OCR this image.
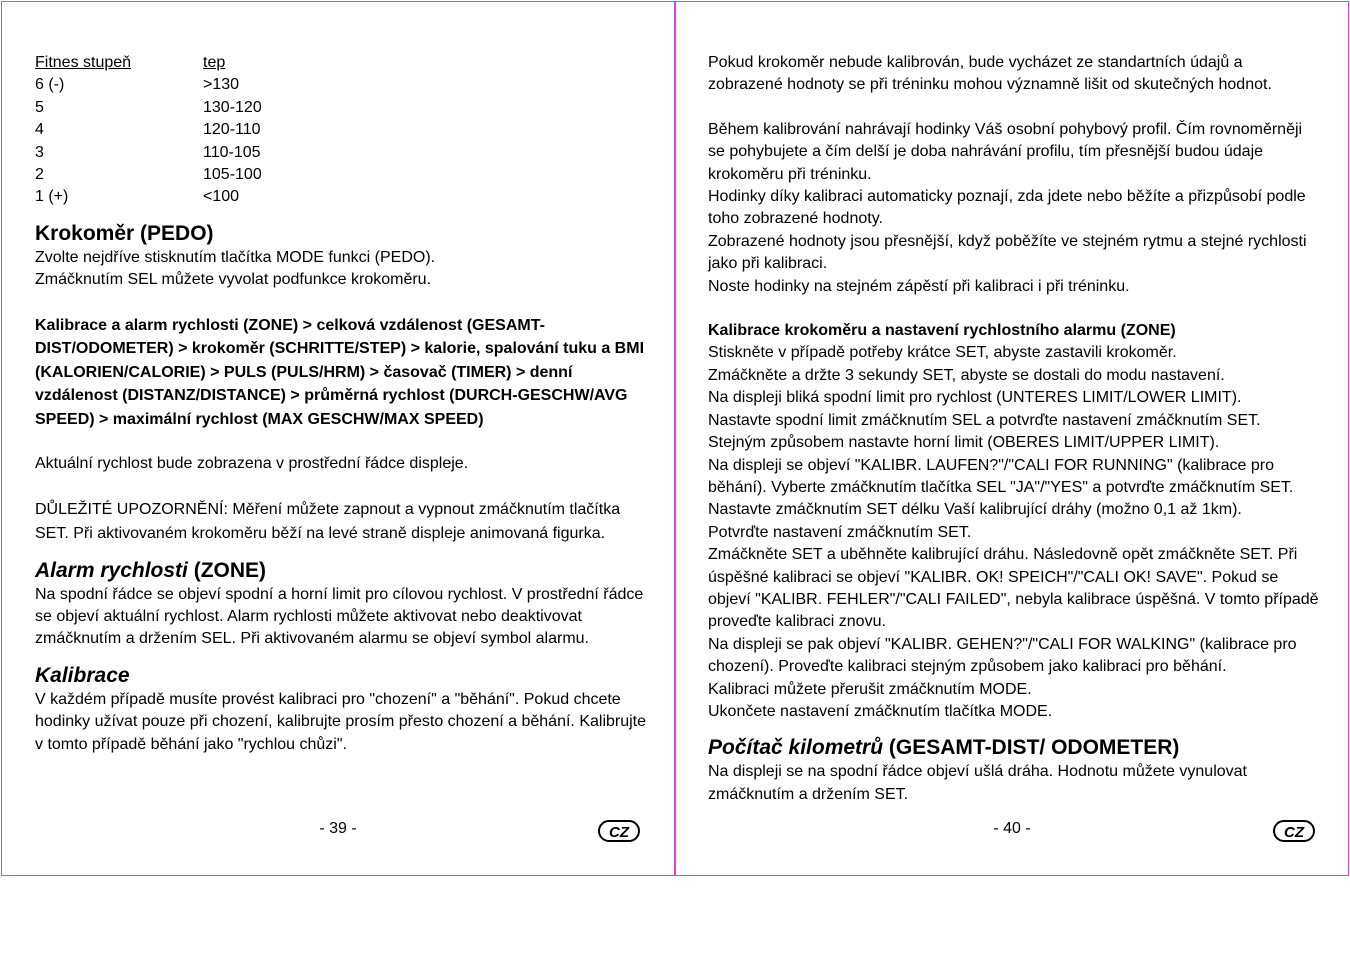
Fitnes stupeň	tep
6 (-)	>130
5	130-120
4	120-110
3	110-105
2	105-100
1 (+)	<100
Krokoměr (PEDO)

Zvolte nejdříve stisknutím tlačítka MODE funkci (PEDO).

Zmáčknutím SEL můžete vyvolat podfunkce krokoměru.

Kalibrace a alarm rychlosti (ZONE) > celková vzdálenost (GESAMT-DIST/ODOMETER) > krokoměr (SCHRITTE/STEP) > kalorie, spalování tuku a BMI (KALORIEN/CALORIE) > PULS (PULS/HRM) > časovač (TIMER) > denní vzdálenost (DISTANZ/DISTANCE) > průměrná rychlost (DURCH-GESCHW/AVG SPEED) > maximální rychlost (MAX GESCHW/MAX SPEED)

Aktuální rychlost bude zobrazena v prostřední řádce displeje.

DŮLEŽITÉ UPOZORNĚNÍ: Měření můžete zapnout a vypnout zmáčknutím tlačítka SET. Při aktivovaném krokoměru běží na levé straně displeje animovaná figurka.

Alarm rychlosti (ZONE)

Na spodní řádce se objeví spodní a horní limit pro cílovou rychlost. V prostřední řádce se objeví aktuální rychlost. Alarm rychlosti můžete aktivovat nebo deaktivovat zmáčknutím a držením SEL. Při aktivovaném alarmu se objeví symbol alarmu.

Kalibrace

V každém případě musíte provést kalibraci pro "chození" a "běhání". Pokud chcete hodinky užívat pouze při chození, kalibrujte prosím přesto chození a běhání. Kalibrujte v tomto případě běhání jako "rychlou chůzi".

- 39 -	CZ

Pokud krokoměr nebude kalibrován, bude vycházet ze standartních údajů a zobrazené hodnoty se při tréninku mohou významně lišit od skutečných hodnot.

Během kalibrování nahrávají hodinky Váš osobní pohybový profil. Čím rovnoměrněji se pohybujete a čím delší je doba nahrávání profilu, tím přesnější budou údaje krokoměru při tréninku.

Hodinky díky kalibraci automaticky poznají, zda jdete nebo běžíte a přizpůsobí podle toho zobrazené hodnoty.

Zobrazené hodnoty jsou přesnější, když poběžíte ve stejném rytmu a stejné rychlosti jako při kalibraci.

Noste hodinky na stejném zápěstí při kalibraci i při tréninku.

Kalibrace krokoměru a nastavení rychlostního alarmu (ZONE)

Stiskněte v případě potřeby krátce SET, abyste zastavili krokoměr.

Zmáčkněte a držte 3 sekundy SET, abyste se dostali do modu nastavení.

Na displeji bliká spodní limit pro rychlost (UNTERES LIMIT/LOWER LIMIT).

Nastavte spodní limit zmáčknutím SEL a potvrďte nastavení zmáčknutím SET.

Stejným způsobem nastavte horní limit (OBERES LIMIT/UPPER LIMIT).

Na displeji se objeví "KALIBR. LAUFEN?"/"CALI FOR RUNNING" (kalibrace pro běhání). Vyberte zmáčknutím tlačítka SEL "JA"/"YES" a potvrďte zmáčknutím SET.

Nastavte zmáčknutím SET délku Vaší kalibrující dráhy (možno 0,1 až 1km).

Potvrďte nastavení zmáčknutím SET.

Zmáčkněte SET a uběhněte kalibrující dráhu. Následovně opět zmáčkněte SET. Při úspěšné kalibraci se objeví "KALIBR. OK! SPEICH"/"CALI OK! SAVE". Pokud se objeví "KALIBR. FEHLER"/"CALI FAILED", nebyla kalibrace úspěšná. V tomto případě proveďte kalibraci znovu.

Na displeji se pak objeví "KALIBR. GEHEN?"/"CALI FOR WALKING" (kalibrace pro chození). Proveďte kalibraci stejným způsobem jako kalibraci pro běhání.

Kalibraci můžete přerušit zmáčknutím MODE.

Ukončete nastavení zmáčknutím tlačítka MODE.

Počítač kilometrů (GESAMT-DIST/ ODOMETER)

Na displeji se na spodní řádce objeví ušlá dráha. Hodnotu můžete vynulovat zmáčknutím a držením SET.

- 40 -	CZ
